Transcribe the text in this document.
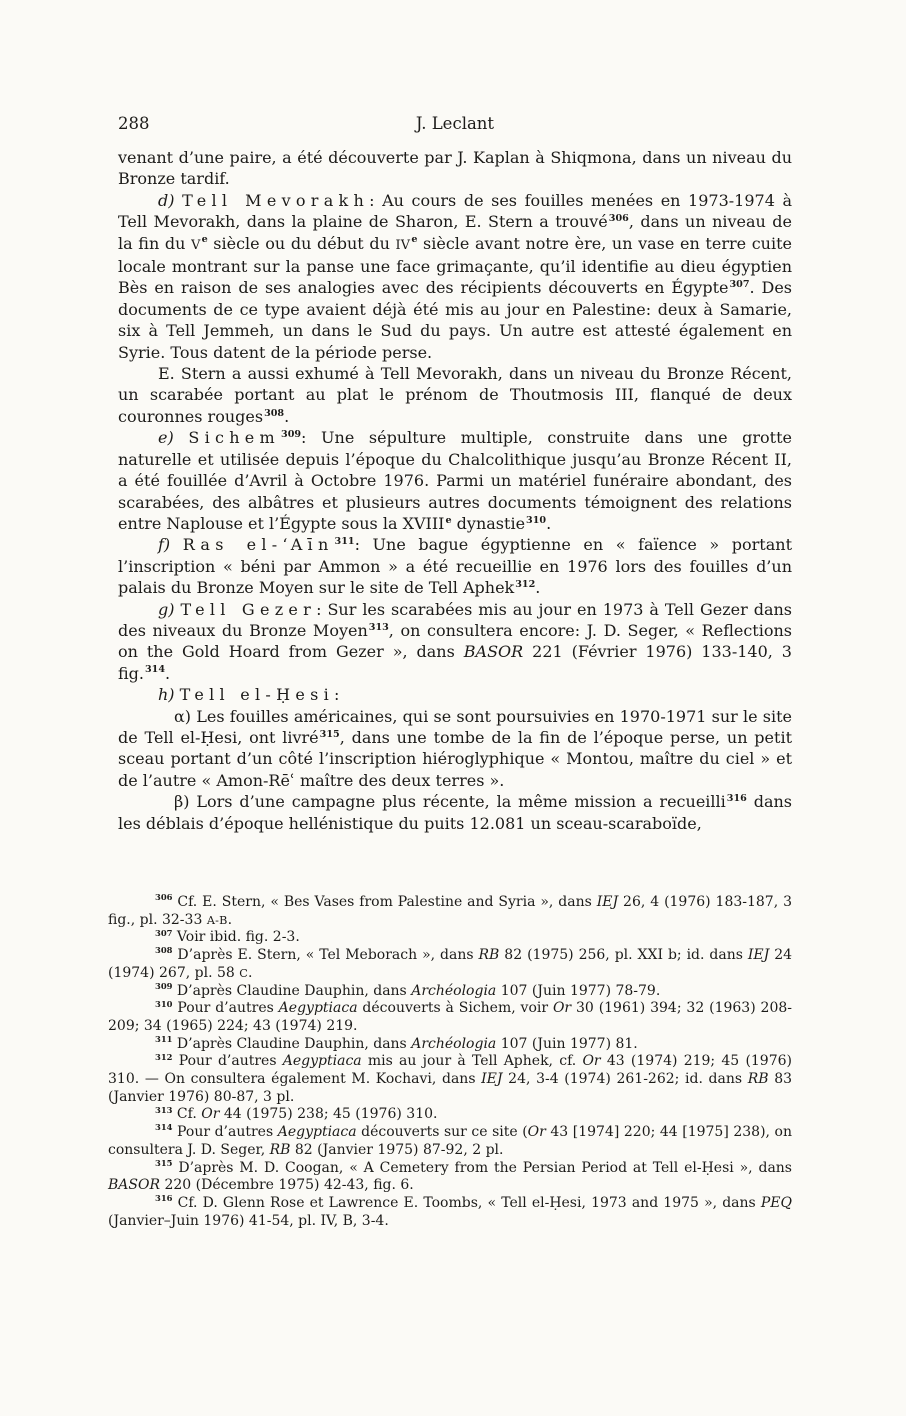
288	J. Leclant

venant d’une paire, a été découverte par J. Kaplan à Shiqmona, dans un niveau du Bronze tardif.

d) Tell Mevorakh: Au cours de ses fouilles menées en 1973-1974 à Tell Mevorakh, dans la plaine de Sharon, E. Stern a trouvé$^{306}$, dans un niveau de la fin du Ve siècle ou du début du IVe siècle avant notre ère, un vase en terre cuite locale montrant sur la panse une face grimaçante, qu’il identifie au dieu égyptien Bès en raison de ses analogies avec des récipients découverts en Égypte$^{307}$. Des documents de ce type avaient déjà été mis au jour en Palestine: deux à Samarie, six à Tell Jemmeh, un dans le Sud du pays. Un autre est attesté également en Syrie. Tous datent de la période perse.

E. Stern a aussi exhumé à Tell Mevorakh, dans un niveau du Bronze Récent, un scarabée portant au plat le prénom de Thoutmosis III, flanqué de deux couronnes rouges$^{308}$.

e) Sichem$^{309}$: Une sépulture multiple, construite dans une grotte naturelle et utilisée depuis l’époque du Chalcolithique jusqu’au Bronze Récent II, a été fouillée d’Avril à Octobre 1976. Parmi un matériel funéraire abondant, des scarabées, des albâtres et plusieurs autres documents témoignent des relations entre Naplouse et l’Égypte sous la XVIIIe dynastie$^{310}$.

f) Ras el-‘Aīn$^{311}$: Une bague égyptienne en « faïence » portant l’inscription « béni par Ammon » a été recueillie en 1976 lors des fouilles d’un palais du Bronze Moyen sur le site de Tell Aphek$^{312}$.

g) Tell Gezer: Sur les scarabées mis au jour en 1973 à Tell Gezer dans des niveaux du Bronze Moyen$^{313}$, on consultera encore: J. D. Seger, « Reflections on the Gold Hoard from Gezer », dans BASOR 221 (Février 1976) 133-140, 3 fig.$^{314}$.

h) Tell el-Ḥesi:

α) Les fouilles américaines, qui se sont poursuivies en 1970-1971 sur le site de Tell el-Ḥesi, ont livré$^{315}$, dans une tombe de la fin de l’époque perse, un petit sceau portant d’un côté l’inscription hiéroglyphique « Montou, maître du ciel » et de l’autre « Amon-Rēʿ maître des deux terres ».

β) Lors d’une campagne plus récente, la même mission a recueilli$^{316}$ dans les déblais d’époque hellénistique du puits 12.081 un sceau-scaraboïde,

$^{306}$ Cf. E. Stern, « Bes Vases from Palestine and Syria », dans IEJ 26, 4 (1976) 183-187, 3 fig., pl. 32-33 A-B.

$^{307}$ Voir ibid. fig. 2-3.

$^{308}$ D’après E. Stern, « Tel Meborach », dans RB 82 (1975) 256, pl. XXI b; id. dans IEJ 24 (1974) 267, pl. 58 C.

$^{309}$ D’après Claudine Dauphin, dans Archéologia 107 (Juin 1977) 78-79.

$^{310}$ Pour d’autres Aegyptiaca découverts à Sichem, voir Or 30 (1961) 394; 32 (1963) 208-209; 34 (1965) 224; 43 (1974) 219.

$^{311}$ D’après Claudine Dauphin, dans Archéologia 107 (Juin 1977) 81.

$^{312}$ Pour d’autres Aegyptiaca mis au jour à Tell Aphek, cf. Or 43 (1974) 219; 45 (1976) 310. — On consultera également M. Kochavi, dans IEJ 24, 3-4 (1974) 261-262; id. dans RB 83 (Janvier 1976) 80-87, 3 pl.

$^{313}$ Cf. Or 44 (1975) 238; 45 (1976) 310.

$^{314}$ Pour d’autres Aegyptiaca découverts sur ce site (Or 43 [1974] 220; 44 [1975] 238), on consultera J. D. Seger, RB 82 (Janvier 1975) 87-92, 2 pl.

$^{315}$ D’après M. D. Coogan, « A Cemetery from the Persian Period at Tell el-Ḥesi », dans BASOR 220 (Décembre 1975) 42-43, fig. 6.

$^{316}$ Cf. D. Glenn Rose et Lawrence E. Toombs, « Tell el-Ḥesi, 1973 and 1975 », dans PEQ (Janvier–Juin 1976) 41-54, pl. IV, B, 3-4.
